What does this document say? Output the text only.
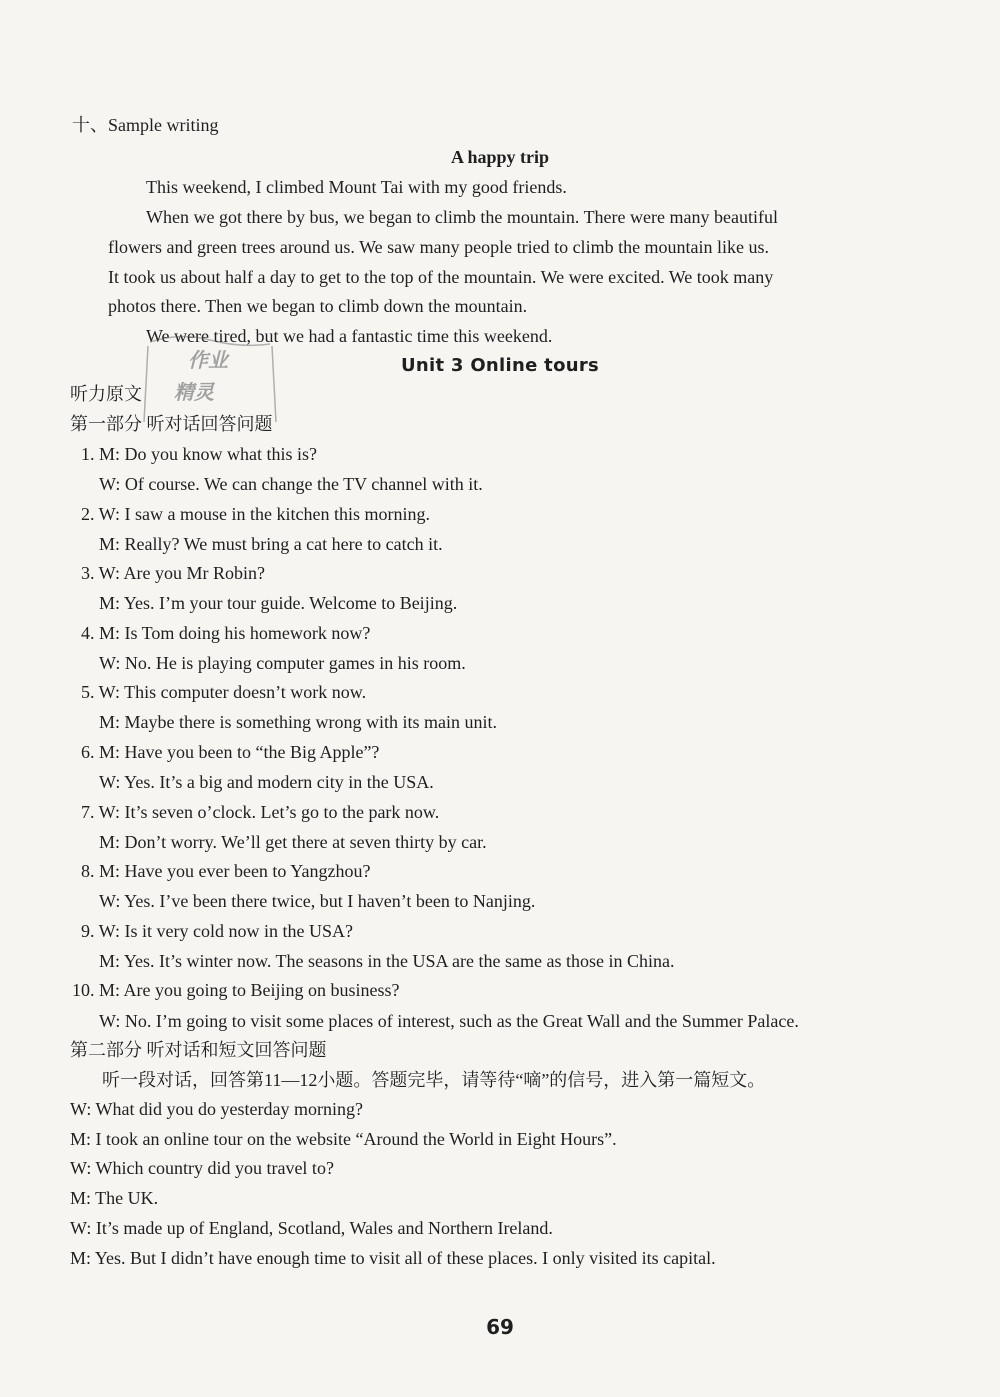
十、Sample writing
A happy trip
This weekend, I climbed Mount Tai with my good friends.
When we got there by bus, we began to climb the mountain. There were many beautiful
flowers and green trees around us. We saw many people tried to climb the mountain like us.
It took us about half a day to get to the top of the mountain. We were excited. We took many
photos there. Then we began to climb down the mountain.
We were tired, but we had a fantastic time this weekend.
Unit 3 Online tours
作业
精灵
听力原文
第一部分 听对话回答问题
1. M: Do you know what this is?
W: Of course. We can change the TV channel with it.
2. W: I saw a mouse in the kitchen this morning.
M: Really? We must bring a cat here to catch it.
3. W: Are you Mr Robin?
M: Yes. I’m your tour guide. Welcome to Beijing.
4. M: Is Tom doing his homework now?
W: No. He is playing computer games in his room.
5. W: This computer doesn’t work now.
M: Maybe there is something wrong with its main unit.
6. M: Have you been to “the Big Apple”?
W: Yes. It’s a big and modern city in the USA.
7. W: It’s seven o’clock. Let’s go to the park now.
M: Don’t worry. We’ll get there at seven thirty by car.
8. M: Have you ever been to Yangzhou?
W: Yes. I’ve been there twice, but I haven’t been to Nanjing.
9. W: Is it very cold now in the USA?
M: Yes. It’s winter now. The seasons in the USA are the same as those in China.
10. M: Are you going to Beijing on business?
W: No. I’m going to visit some places of interest, such as the Great Wall and the Summer Palace.
第二部分 听对话和短文回答问题
听一段对话，回答第11—12小题。答题完毕，请等待“嘀”的信号，进入第一篇短文。
W: What did you do yesterday morning?
M: I took an online tour on the website “Around the World in Eight Hours”.
W: Which country did you travel to?
M: The UK.
W: It’s made up of England, Scotland, Wales and Northern Ireland.
M: Yes. But I didn’t have enough time to visit all of these places. I only visited its capital.
69
